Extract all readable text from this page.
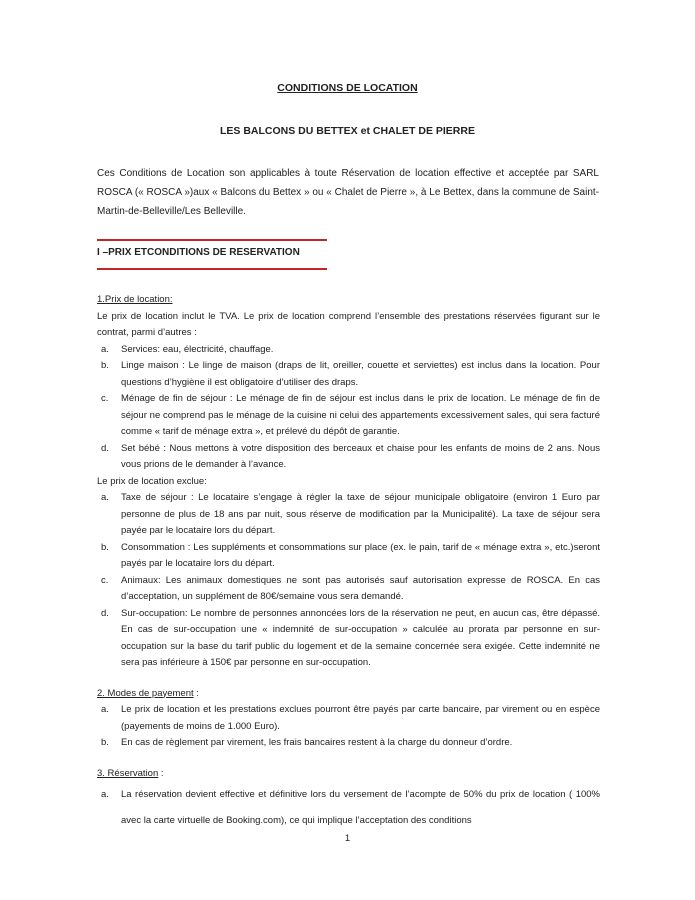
CONDITIONS DE LOCATION
LES BALCONS DU BETTEX et CHALET DE PIERRE
Ces Conditions de Location son applicables à toute Réservation de location effective et acceptée par SARL ROSCA (« ROSCA »)aux « Balcons du Bettex » ou « Chalet de Pierre », à Le Bettex, dans la commune de Saint-Martin-de-Belleville/Les Belleville.
I –PRIX ETCONDITIONS DE RESERVATION

1.Prix de location:

Le prix de location inclut le TVA. Le prix de location comprend l’ensemble des prestations réservées figurant sur le contrat, parmi d’autres :

a. Services: eau, électricité, chauffage.
b. Linge maison : Le linge de maison (draps de lit, oreiller, couette et serviettes) est inclus dans la location. Pour questions d’hygiène il est obligatoire d’utiliser des draps.
c. Ménage de fin de séjour : Le ménage de fin de séjour est inclus dans le prix de location. Le ménage de fin de séjour ne comprend pas le ménage de la cuisine ni celui des appartements excessivement sales, qui sera facturé comme « tarif de ménage extra », et prélevé du dépôt de garantie.
d. Set bébé : Nous mettons à votre disposition des berceaux et chaise pour les enfants de moins de 2 ans. Nous vous prions de le demander à l’avance.

Le prix de location exclue:

a. Taxe de séjour : Le locataire s’engage à régler la taxe de séjour municipale obligatoire (environ 1 Euro par personne de plus de 18 ans par nuit, sous réserve de modification par la Municipalité). La taxe de séjour sera payée par le locataire lors du départ.
b. Consommation : Les suppléments et consommations sur place (ex. le pain, tarif de « ménage extra », etc.)seront payés par le locataire lors du départ.
c. Animaux: Les animaux domestiques ne sont pas autorisés sauf autorisation expresse de ROSCA. En cas d’acceptation, un supplément de 80€/semaine vous sera demandé.
d. Sur-occupation: Le nombre de personnes annoncées lors de la réservation ne peut, en aucun cas, être dépassé. En cas de sur-occupation une « indemnité de sur-occupation » calculée au prorata par personne en sur-occupation sur la base du tarif public du logement et de la semaine concernée sera exigée. Cette indemnité ne sera pas inférieure à 150€ par personne en sur-occupation.

2. Modes de payement :

a. Le prix de location et les prestations exclues pourront être payés par carte bancaire, par virement ou en espèce (payements de moins de 1.000 Euro).
b. En cas de règlement par virement, les frais bancaires restent à la charge du donneur d’ordre.

3. Réservation :

a. La réservation devient effective et définitive lors du versement de l’acompte de 50% du prix de location ( 100% avec la carte virtuelle de Booking.com), ce qui implique l’acceptation des conditions
1
